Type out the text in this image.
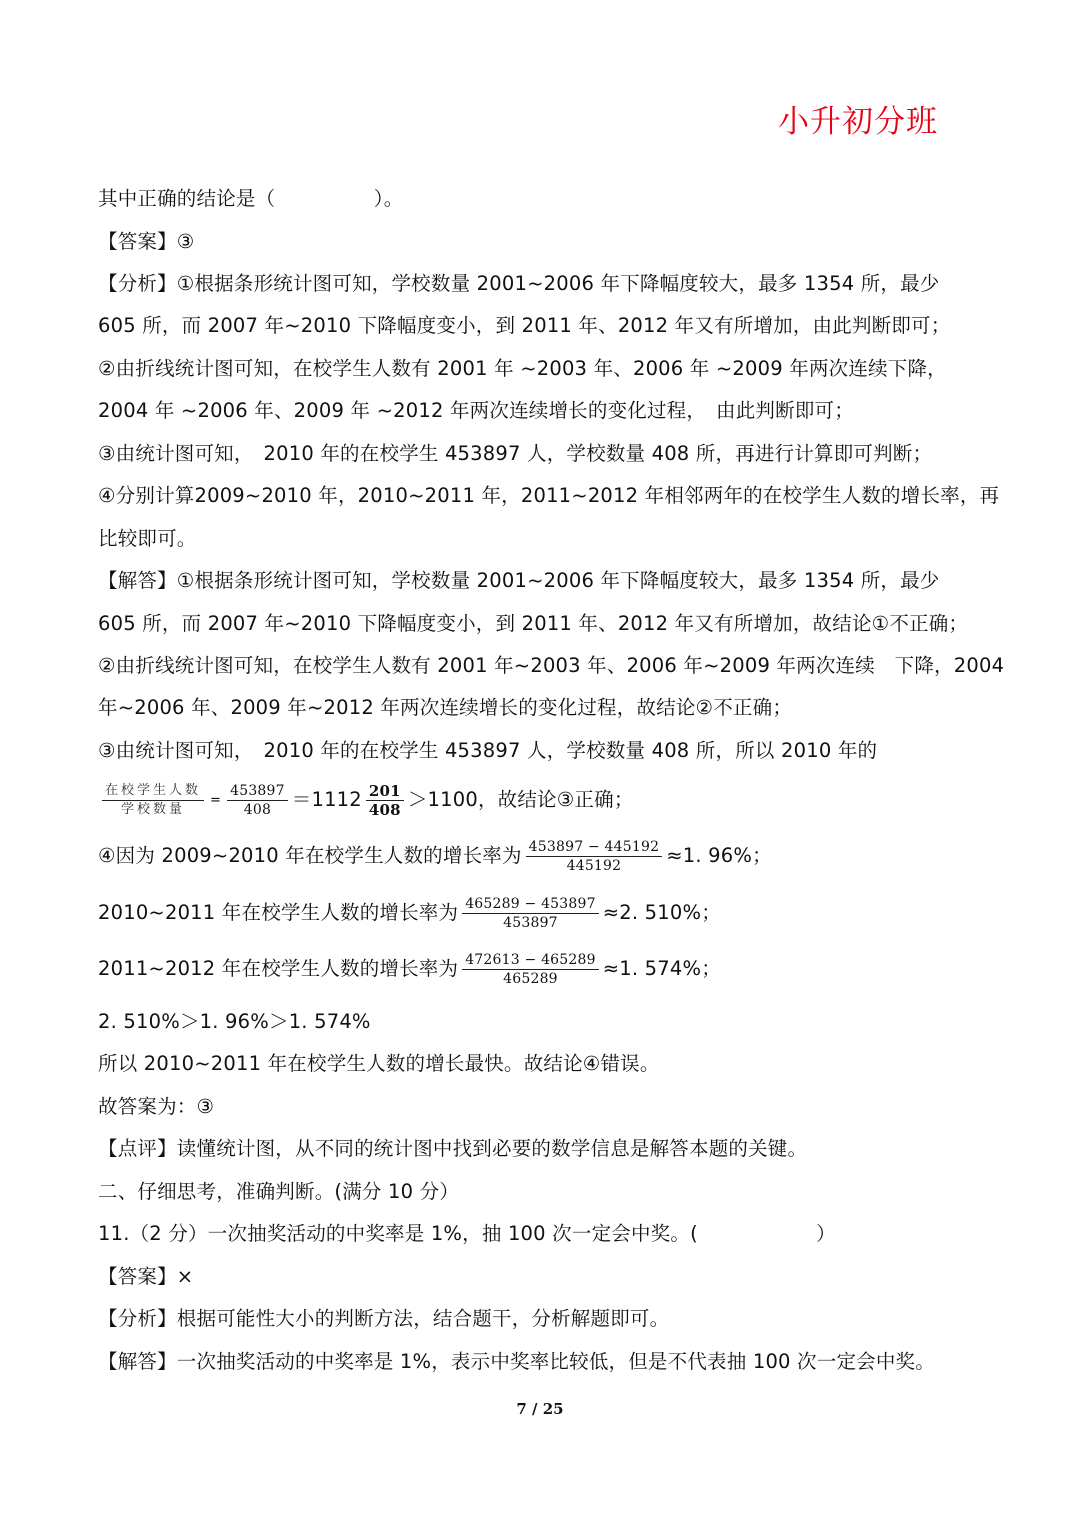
小升初分班
其中正确的结论是（　　　　　）。
【答案】③
【分析】①根据条形统计图可知，学校数量 2001~2006 年下降幅度较大，最多 1354 所，最少
605 所，而 2007 年~2010 下降幅度变小，到 2011 年、2012 年又有所增加，由此判断即可；
②由折线统计图可知，在校学生人数有 2001 年 ~2003 年、2006 年 ~2009 年两次连续下降，
2004 年 ~2006 年、2009 年 ~2012 年两次连续增长的变化过程，　由此判断即可；
③由统计图可知，　2010 年的在校学生 453897 人，学校数量 408 所，再进行计算即可判断；
④分别计算2009~2010 年，2010~2011 年，2011~2012 年相邻两年的在校学生人数的增长率，再
比较即可。
【解答】①根据条形统计图可知，学校数量 2001~2006 年下降幅度较大，最多 1354 所，最少
605 所，而 2007 年~2010 下降幅度变小，到 2011 年、2012 年又有所增加，故结论①不正确；
②由折线统计图可知，在校学生人数有 2001 年~2003 年、2006 年~2009 年两次连续　下降，2004
年~2006 年、2009 年~2012 年两次连续增长的变化过程，故结论②不正确；
③由统计图可知，　2010 年的在校学生 453897 人，学校数量 408 所，所以 2010 年的
$\frac{\text{在校学生人数}}{\text{学校数量}} = \frac{453897}{408} =1112 \frac{201}{408} >1100$，故结论③正确；
④因为 2009~2010 年在校学生人数的增长率为 $\frac{453897 - 445192}{445192} \approx 1$. 96%；
2010~2011 年在校学生人数的增长率为 $\frac{465289 - 453897}{453897} \approx 2$. 510%；
2011~2012 年在校学生人数的增长率为 $\frac{472613 - 465289}{465289} \approx 1$. 574%；
2. 510%＞1. 96%＞1. 574%
所以 2010~2011 年在校学生人数的增长最快。故结论④错误。
故答案为：③
【点评】读懂统计图，从不同的统计图中找到必要的数学信息是解答本题的关键。
二、仔细思考，准确判断。(满分 10 分）
11.（2 分）一次抽奖活动的中奖率是 1%，抽 100 次一定会中奖。(　　　　　　）
【答案】×
【分析】根据可能性大小的判断方法，结合题干，分析解题即可。
【解答】一次抽奖活动的中奖率是 1%，表示中奖率比较低，但是不代表抽 100 次一定会中奖。
7 / 25
